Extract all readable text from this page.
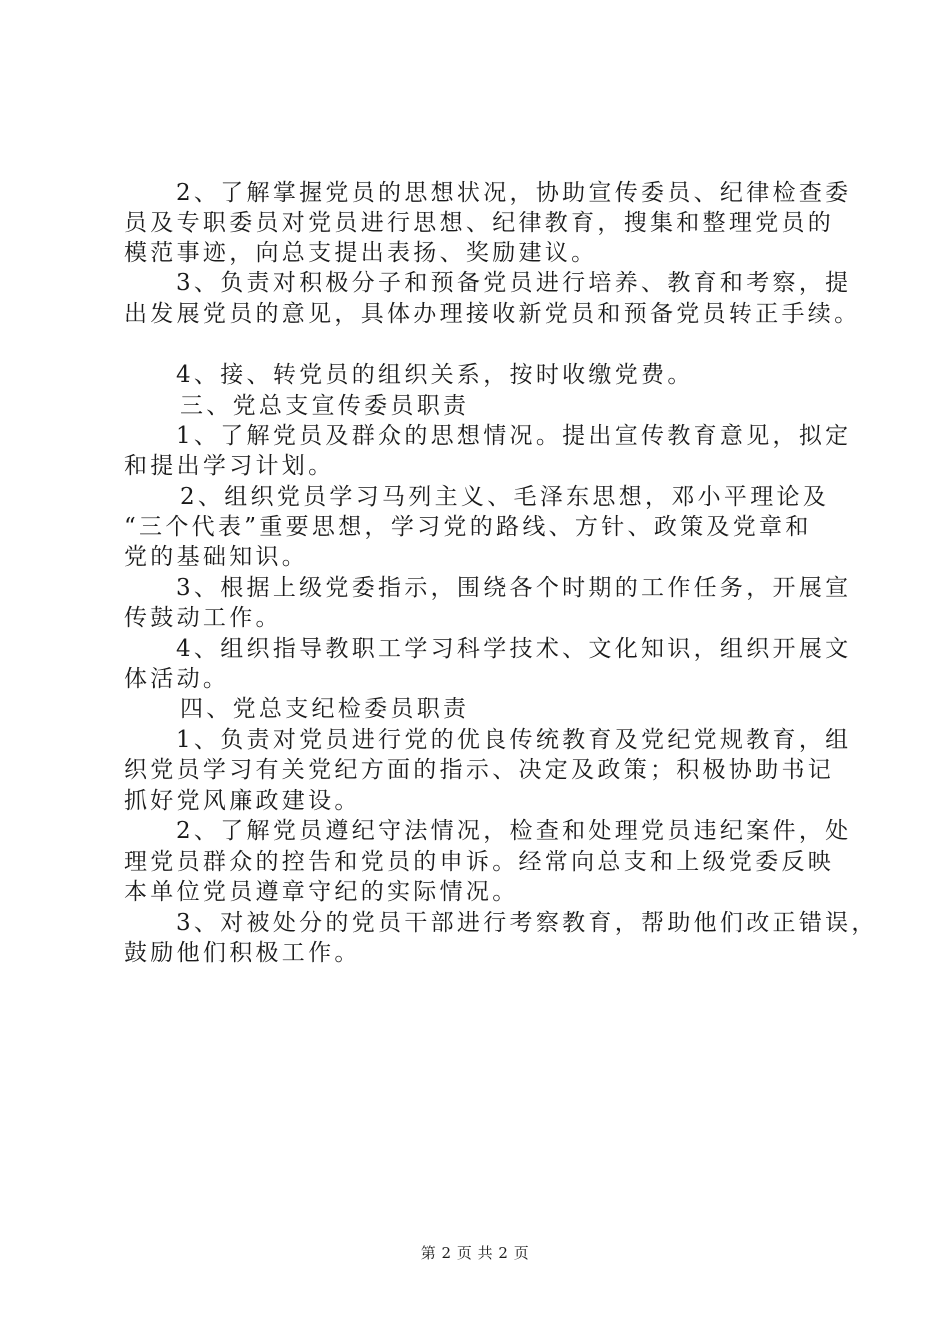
2、了解掌握党员的思想状况，协助宣传委员、纪律检查委
员及专职委员对党员进行思想、纪律教育，搜集和整理党员的
模范事迹，向总支提出表扬、奖励建议。
3、负责对积极分子和预备党员进行培养、教育和考察，提
出发展党员的意见，具体办理接收新党员和预备党员转正手续。
4、接、转党员的组织关系，按时收缴党费。
三、党总支宣传委员职责
1、了解党员及群众的思想情况。提出宣传教育意见，拟定
和提出学习计划。
2、组织党员学习马列主义、毛泽东思想，邓小平理论及
“三个代表”重要思想，学习党的路线、方针、政策及党章和
党的基础知识。
3、根据上级党委指示，围绕各个时期的工作任务，开展宣
传鼓动工作。
4、组织指导教职工学习科学技术、文化知识，组织开展文
体活动。
四、党总支纪检委员职责
1、负责对党员进行党的优良传统教育及党纪党规教育，组
织党员学习有关党纪方面的指示、决定及政策；积极协助书记
抓好党风廉政建设。
2、了解党员遵纪守法情况，检查和处理党员违纪案件，处
理党员群众的控告和党员的申诉。经常向总支和上级党委反映
本单位党员遵章守纪的实际情况。
3、对被处分的党员干部进行考察教育，帮助他们改正错误，
鼓励他们积极工作。
第 2 页 共 2 页
